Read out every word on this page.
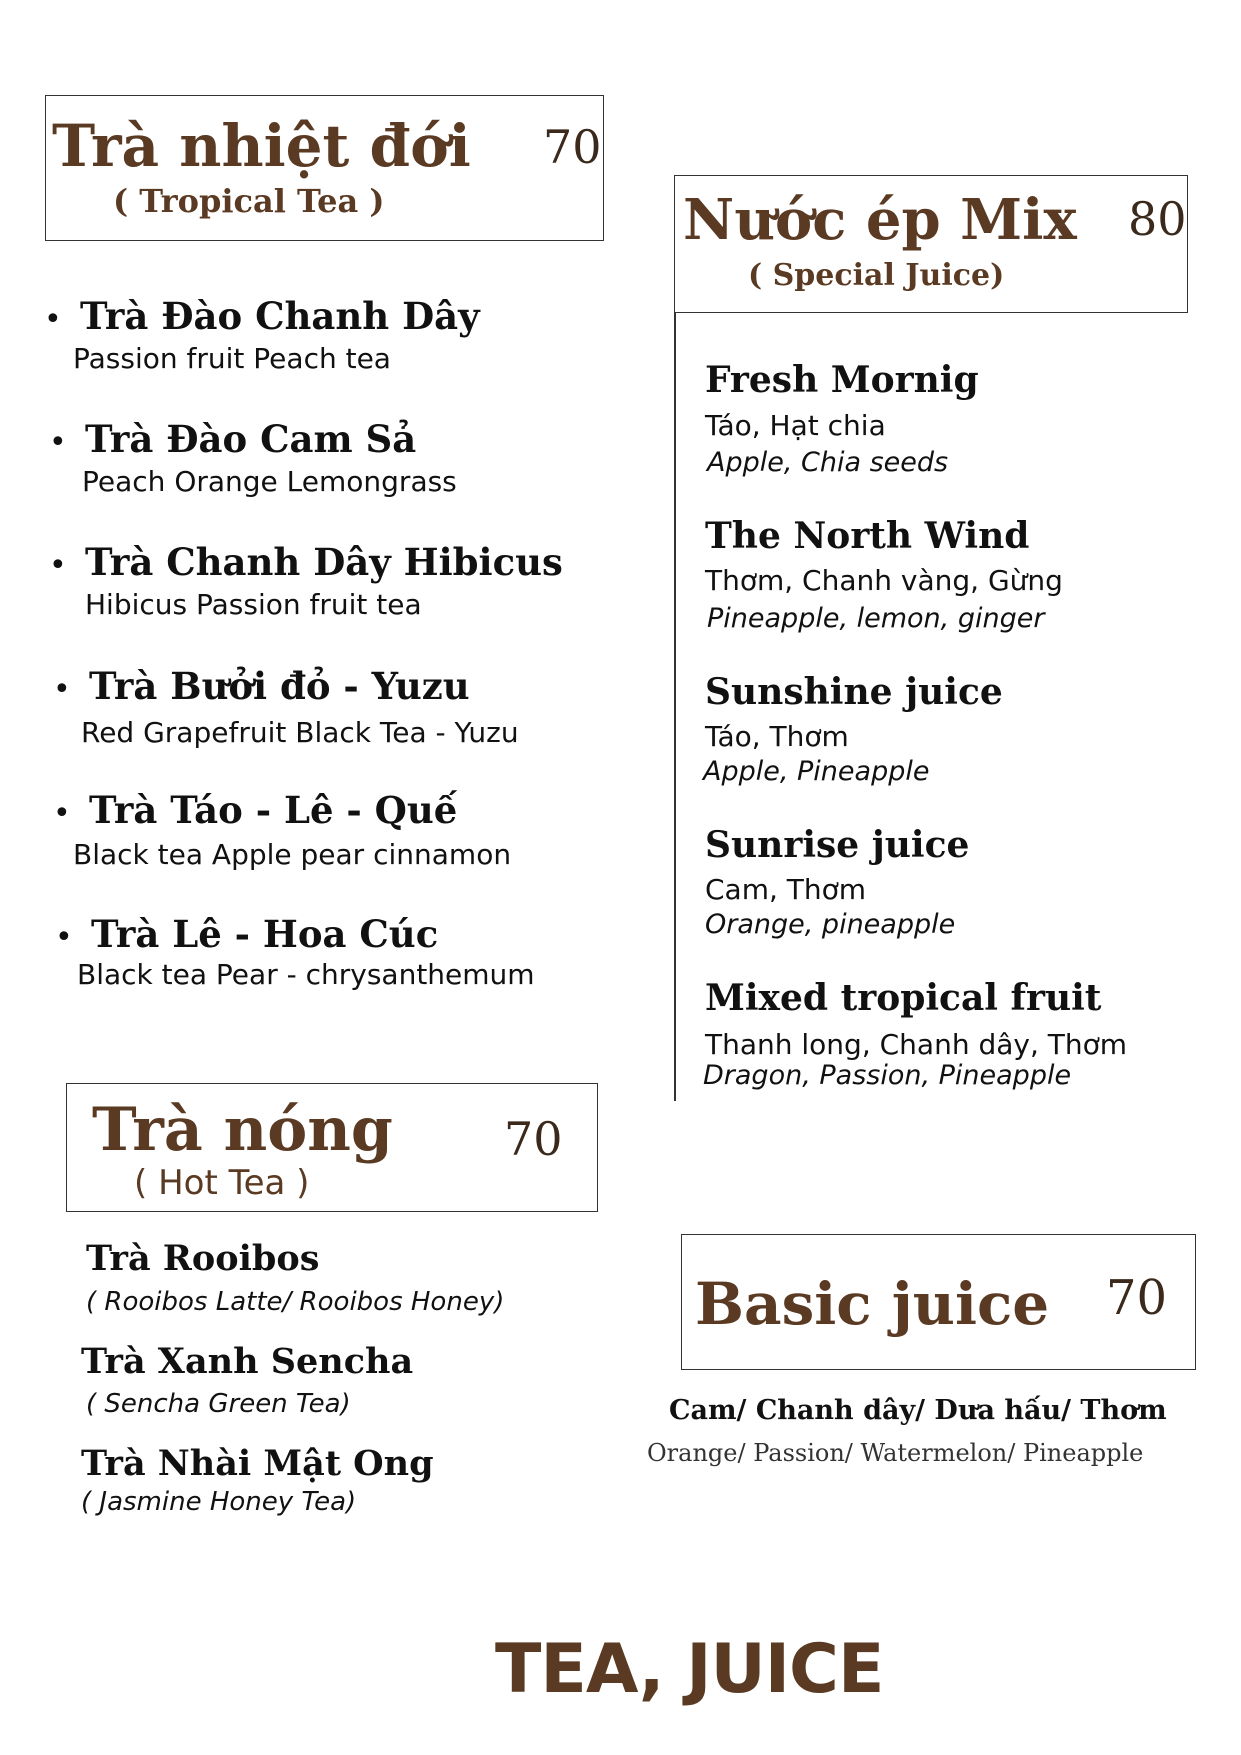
Trà nhiệt đới 70
( Tropical Tea )
• Trà Đào Chanh Dây
Passion fruit Peach tea
• Trà Đào Cam Sả
Peach Orange Lemongrass
• Trà Chanh Dây Hibicus
Hibicus Passion fruit tea
• Trà Bưởi đỏ - Yuzu
Red Grapefruit Black Tea - Yuzu
• Trà Táo - Lê - Quế
Black tea Apple pear cinnamon
• Trà Lê - Hoa Cúc
Black tea Pear - chrysanthemum
Trà nóng 70
( Hot Tea )
Trà Rooibos
( Rooibos Latte/ Rooibos Honey)
Trà Xanh Sencha
( Sencha Green Tea)
Trà Nhài Mật Ong
( Jasmine Honey Tea)
Nước ép Mix 80
( Special Juice)
Fresh Mornig
Táo, Hạt chia
Apple, Chia seeds
The North Wind
Thơm, Chanh vàng, Gừng
Pineapple, lemon, ginger
Sunshine juice
Táo, Thơm
Apple, Pineapple
Sunrise juice
Cam, Thơm
Orange, pineapple
Mixed tropical fruit
Thanh long, Chanh dây, Thơm
Dragon, Passion, Pineapple
Basic juice 70
Cam/ Chanh dây/ Dưa hấu/ Thơm
Orange/ Passion/ Watermelon/ Pineapple
TEA, JUICE
